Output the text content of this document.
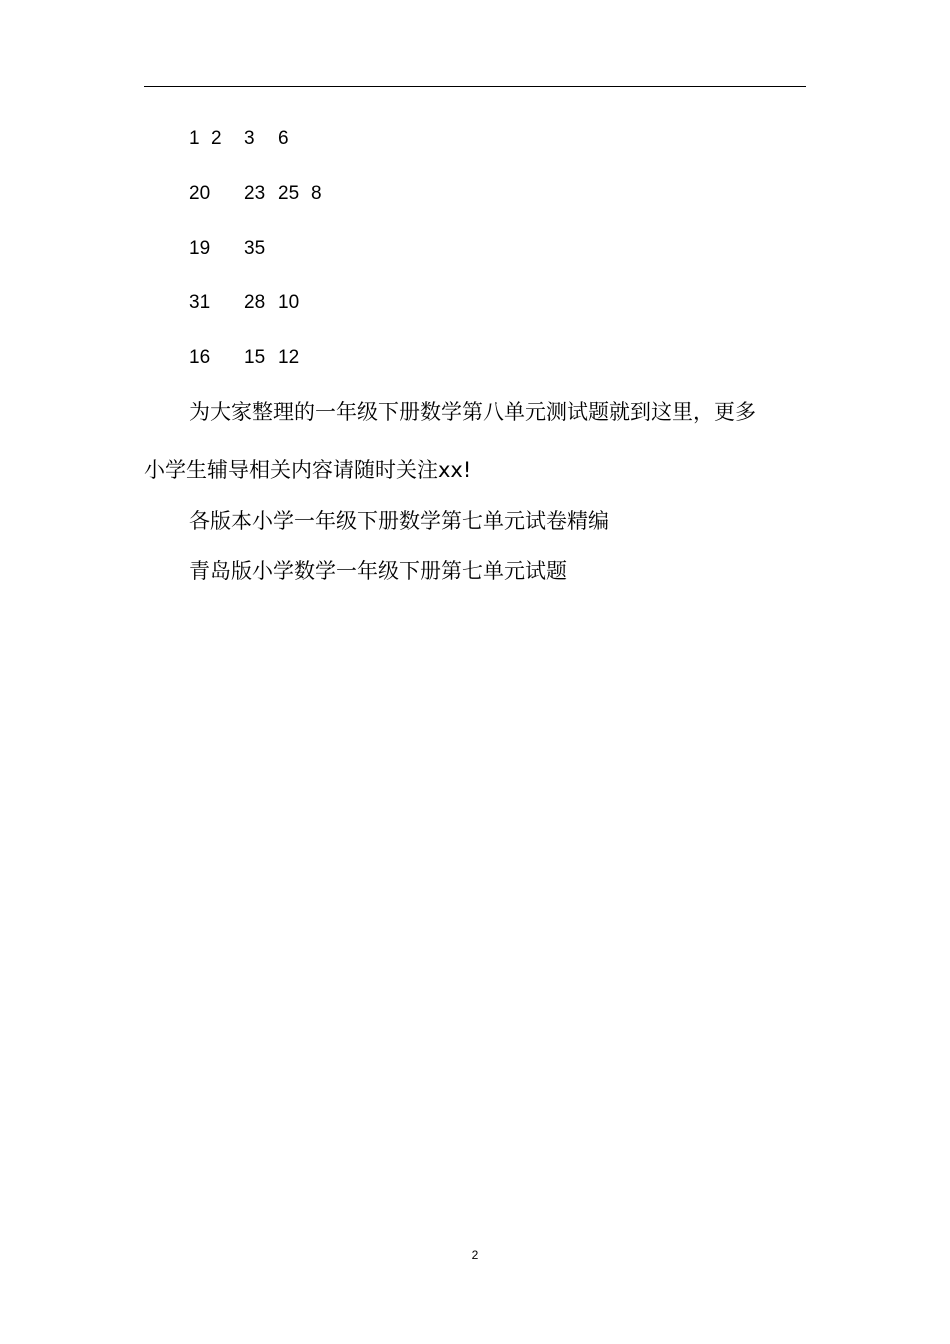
1 2 3 6
20 23 25 8
19 35
31 28 10
16 15 12
为大家整理的一年级下册数学第八单元测试题就到这里，更多
小学生辅导相关内容请随时关注xx!
各版本小学一年级下册数学第七单元试卷精编
青岛版小学数学一年级下册第七单元试题
2
